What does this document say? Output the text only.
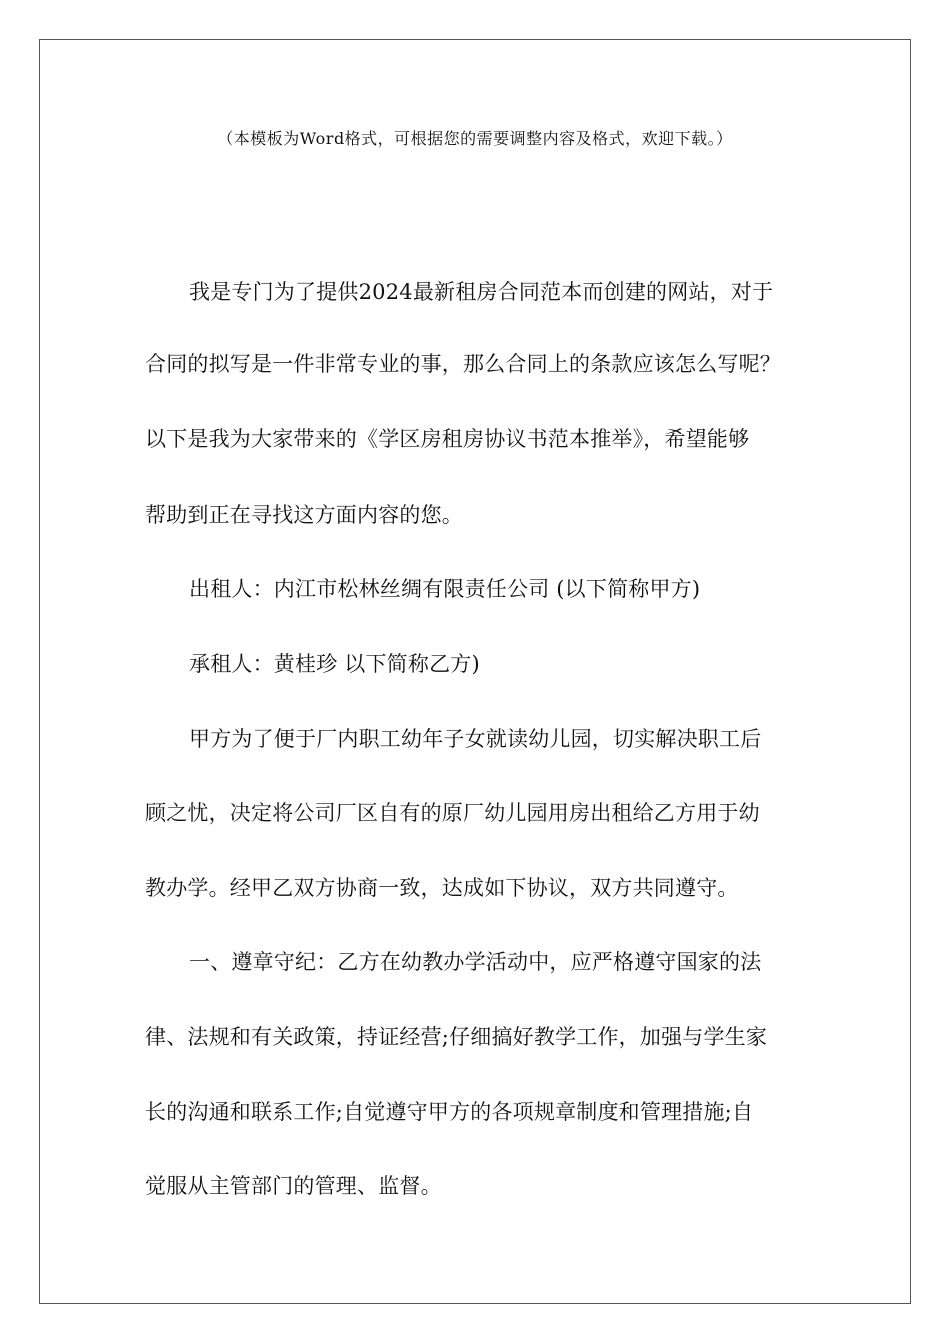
（本模板为Word格式，可根据您的需要调整内容及格式，欢迎下载。）
我是专门为了提供2024最新租房合同范本而创建的网站，对于
合同的拟写是一件非常专业的事，那么合同上的条款应该怎么写呢？
以下是我为大家带来的《学区房租房协议书范本推举》，希望能够
帮助到正在寻找这方面内容的您。
出租人：内江市松林丝绸有限责任公司 (以下简称甲方)
承租人：黄桂珍 以下简称乙方)
甲方为了便于厂内职工幼年子女就读幼儿园，切实解决职工后
顾之忧，决定将公司厂区自有的原厂幼儿园用房出租给乙方用于幼
教办学。经甲乙双方协商一致，达成如下协议，双方共同遵守。
一、遵章守纪：乙方在幼教办学活动中，应严格遵守国家的法
律、法规和有关政策，持证经营;仔细搞好教学工作，加强与学生家
长的沟通和联系工作;自觉遵守甲方的各项规章制度和管理措施;自
觉服从主管部门的管理、监督。
